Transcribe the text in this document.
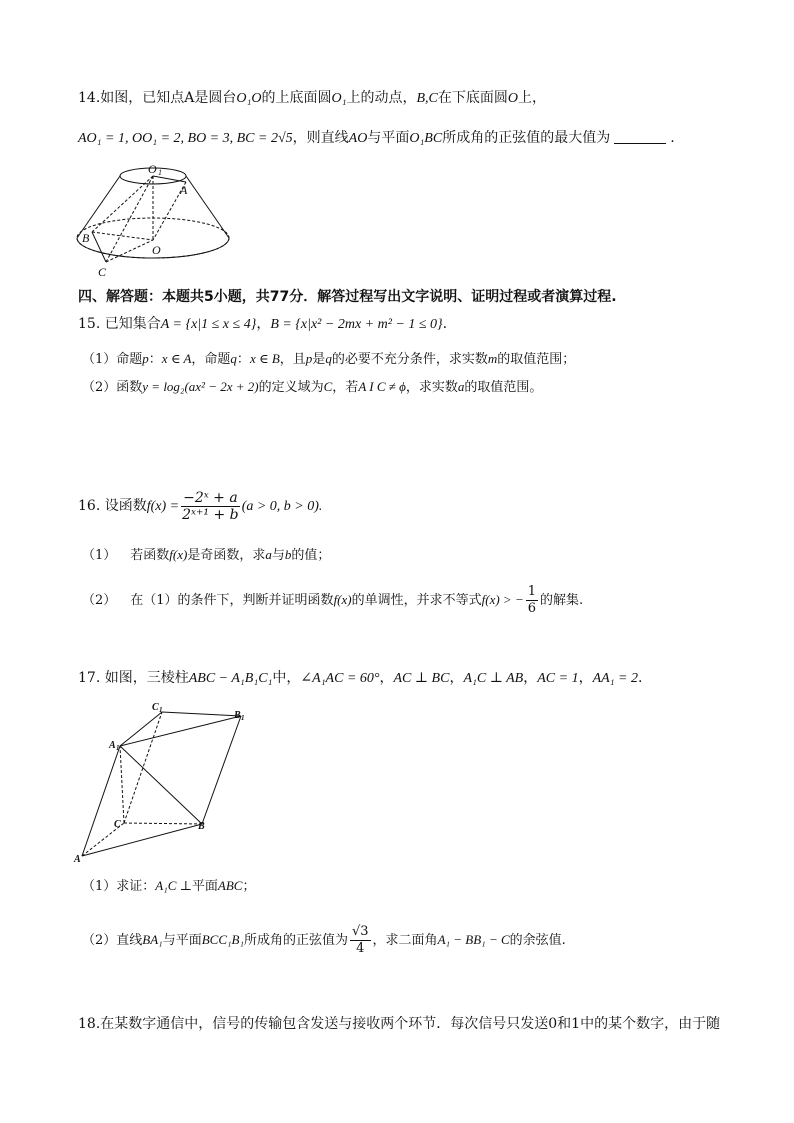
14.如图，已知点A是圆台O₁O的上底面圆O₁上的动点，B,C在下底面圆O上，
AO₁ = 1, OO₁ = 2, BO = 3, BC = 2√5，则直线AO与平面O₁BC所成角的正弦值的最大值为	.
O 1
A
B
O
C
四、解答题：本题共5小题，共77分．解答过程写出文字说明、证明过程或者演算过程.
15. 已知集合A = {x|1 ≤ x ≤ 4}，B = {x|x² − 2mx + m² − 1 ≤ 0}.
（1）命题p：x ∈ A，命题q：x ∈ B，且p是q的必要不充分条件，求实数m的取值范围；
（2）函数y = log₂(ax² − 2x + 2)的定义域为C，若A I C ≠ ϕ，求实数a的取值范围。
16. 设函数$f(x) = \frac{\text{−2ˣ + a}}{\text{2ˣ⁺¹ + b}} (a > 0$, b > 0).
（1） 若函数f(x)是奇函数，求a与b的值；
（2） 在（1）的条件下，判断并证明函数f(x)的单调性，并求不等式f(x) > − $\frac{1}{6}$ 的解集.
17. 如图，三棱柱ABC − A₁B₁C₁中，∠A₁AC = 60°，AC ⊥ BC，A₁C ⊥ AB，AC = 1，AA₁ = 2.
C 1	B 1
A 1
C	B
A
（1）求证：A₁C ⊥平面ABC；
（2）直线BA₁与平面BCC₁B₁所成角的正弦值为 $\frac{√3}{4}$ ，求二面角A₁ − BB₁ − C的余弦值.
18.在某数字通信中，信号的传输包含发送与接收两个环节．每次信号只发送0和1中的某个数字，由于随
